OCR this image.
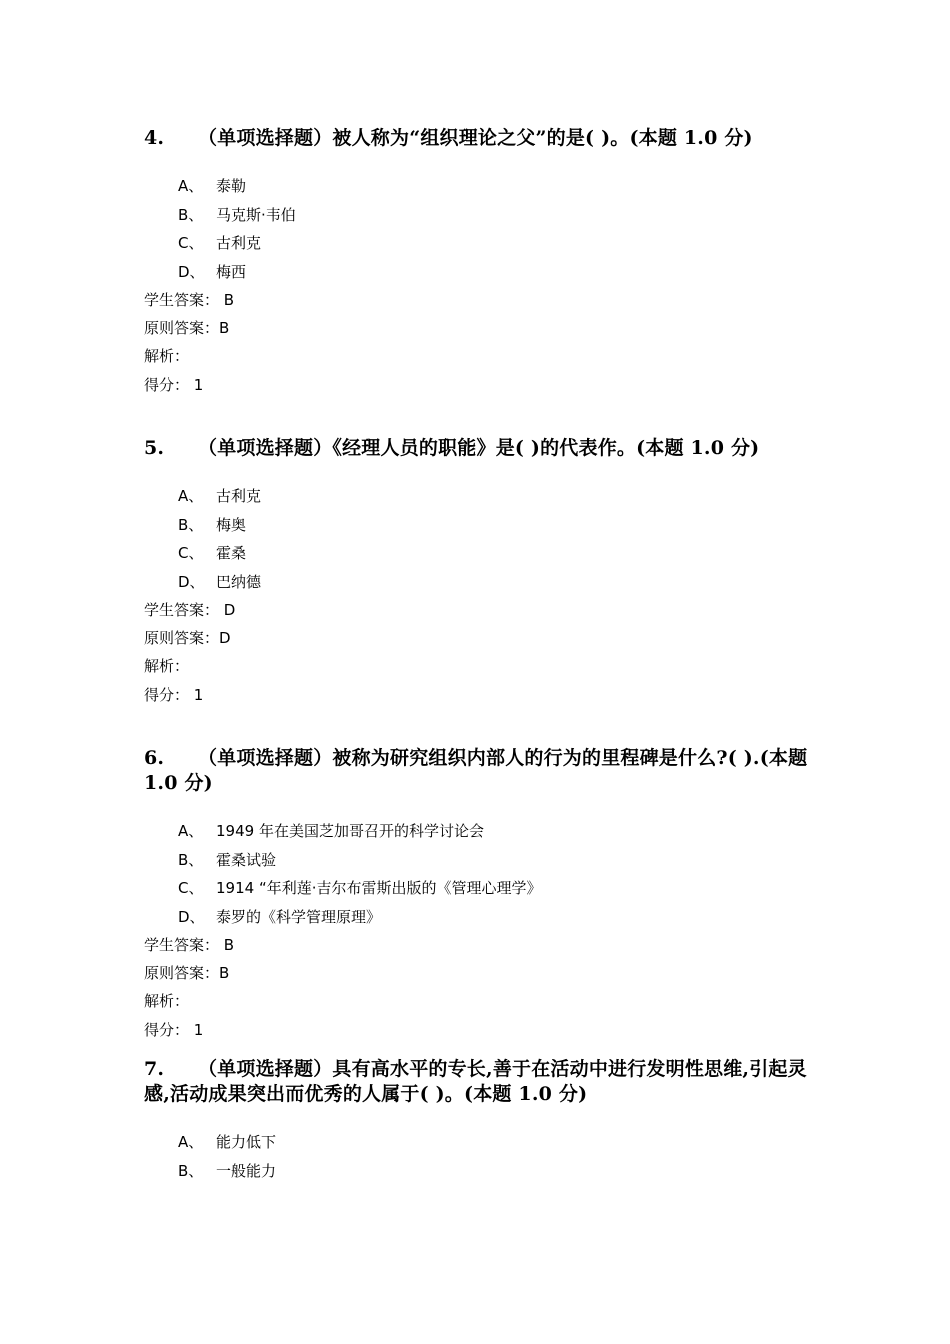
4. （单项选择题）被人称为“组织理论之父”的是( )。(本题 1.0 分)

A、 泰勒
B、 马克斯·韦伯
C、 古利克
D、 梅西
学生答案： B
原则答案：B
解析：
得分： 1

5. （单项选择题）《经理人员的职能》是( )的代表作。(本题 1.0 分)

A、 古利克
B、 梅奥
C、 霍桑
D、 巴纳德
学生答案： D
原则答案：D
解析：
得分： 1

6. （单项选择题）被称为研究组织内部人的行为的里程碑是什么?( ).(本题 1.0 分)

A、 1949 年在美国芝加哥召开的科学讨论会
B、 霍桑试验
C、 1914 “年利莲·吉尔布雷斯出版的《管理心理学》
D、 泰罗的《科学管理原理》
学生答案： B
原则答案：B
解析：
得分： 1

7. （单项选择题）具有高水平的专长,善于在活动中进行发明性思维,引起灵感,活动成果突出而优秀的人属于( )。(本题 1.0 分)

A、 能力低下
B、 一般能力
